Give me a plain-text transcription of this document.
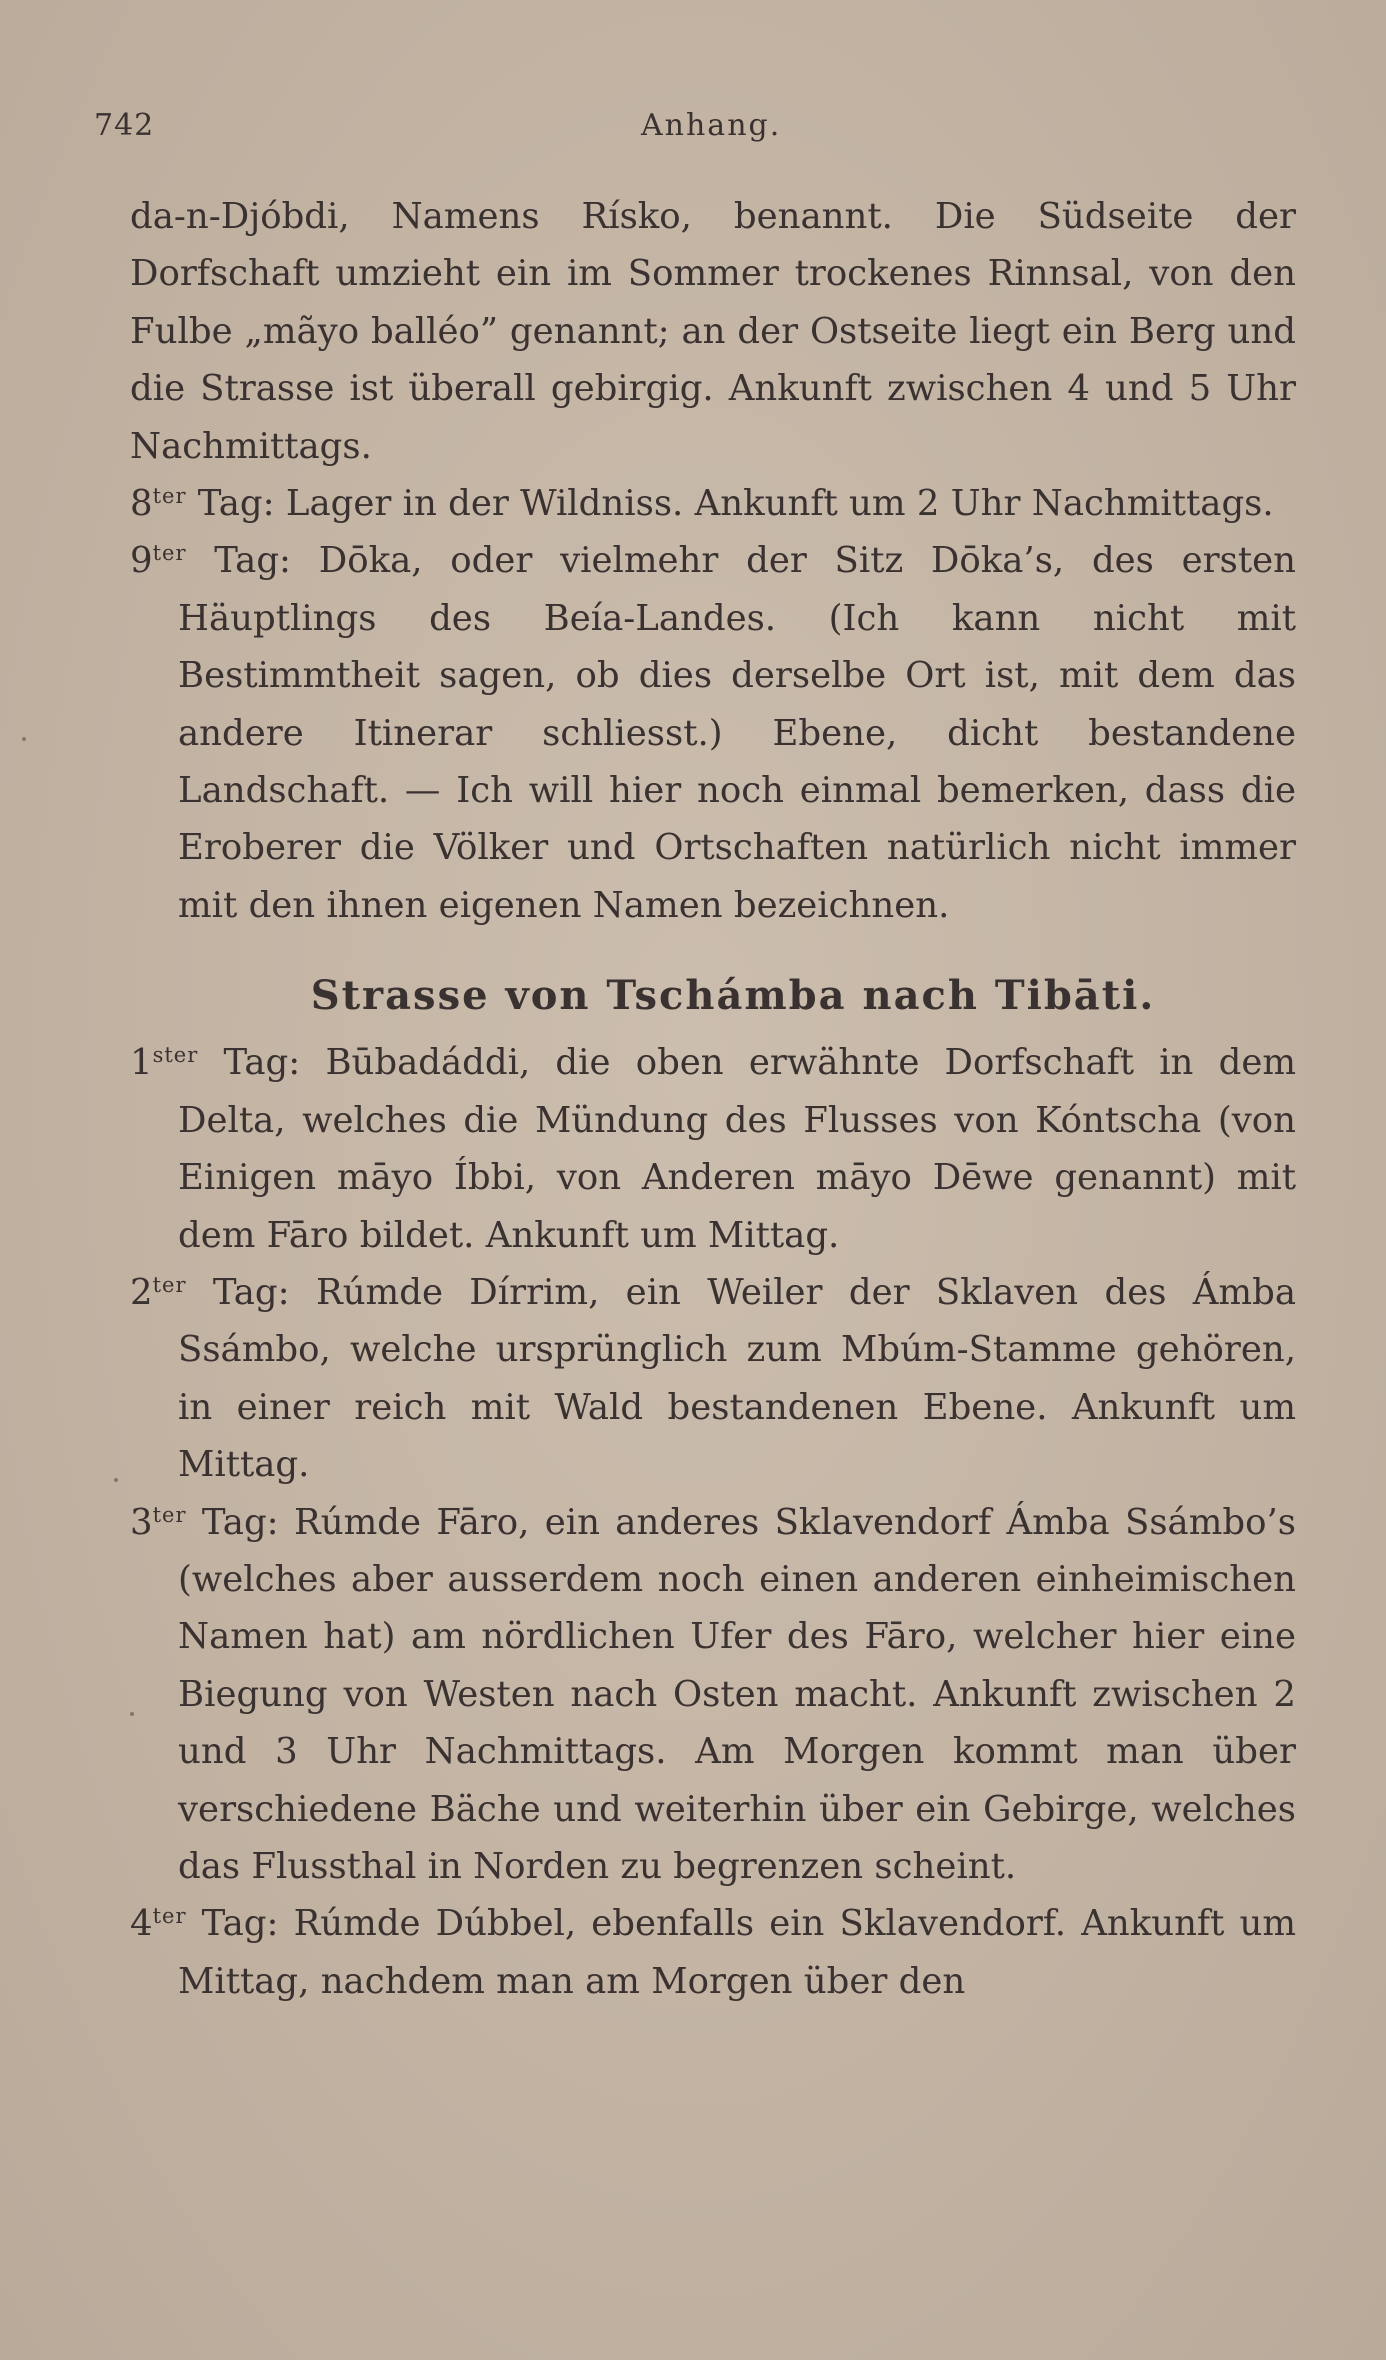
742	Anhang.

da-n-Djóbdi, Namens Rísko, benannt. Die Südseite der Dorfschaft umzieht ein im Sommer trockenes Rinnsal, von den Fulbe „mãyo balléo” genannt; an der Ostseite liegt ein Berg und die Strasse ist überall gebirgig. Ankunft zwischen 4 und 5 Uhr Nachmittags.

$8^{ter}$ Tag: Lager in der Wildniss. Ankunft um 2 Uhr Nachmittags.

$9^{ter}$ Tag: Dōka, oder vielmehr der Sitz Dōka’s, des ersten Häuptlings des Beía-Landes. (Ich kann nicht mit Bestimmtheit sagen, ob dies derselbe Ort ist, mit dem das andere Itinerar schliesst.) Ebene, dicht bestandene Landschaft. — Ich will hier noch einmal bemerken, dass die Eroberer die Völker und Ortschaften natürlich nicht immer mit den ihnen eigenen Namen bezeichnen.

Strasse von Tschámba nach Tibāti.

$1^{ster}$ Tag: Būbadáddi, die oben erwähnte Dorfschaft in dem Delta, welches die Mündung des Flusses von Kóntscha (von Einigen māyo Íbbi, von Anderen māyo Dēwe genannt) mit dem Fāro bildet. Ankunft um Mittag.

$2^{ter}$ Tag: Rúmde Dírrim, ein Weiler der Sklaven des Ámba Ssámbo, welche ursprünglich zum Mbúm-Stamme gehören, in einer reich mit Wald bestandenen Ebene. Ankunft um Mittag.

$3^{ter}$ Tag: Rúmde Fāro, ein anderes Sklavendorf Ámba Ssámbo’s (welches aber ausserdem noch einen anderen einheimischen Namen hat) am nördlichen Ufer des Fāro, welcher hier eine Biegung von Westen nach Osten macht. Ankunft zwischen 2 und 3 Uhr Nachmittags. Am Morgen kommt man über verschiedene Bäche und weiterhin über ein Gebirge, welches das Flussthal in Norden zu begrenzen scheint.

$4^{ter}$ Tag: Rúmde Dúbbel, ebenfalls ein Sklavendorf. Ankunft um Mittag, nachdem man am Morgen über den
